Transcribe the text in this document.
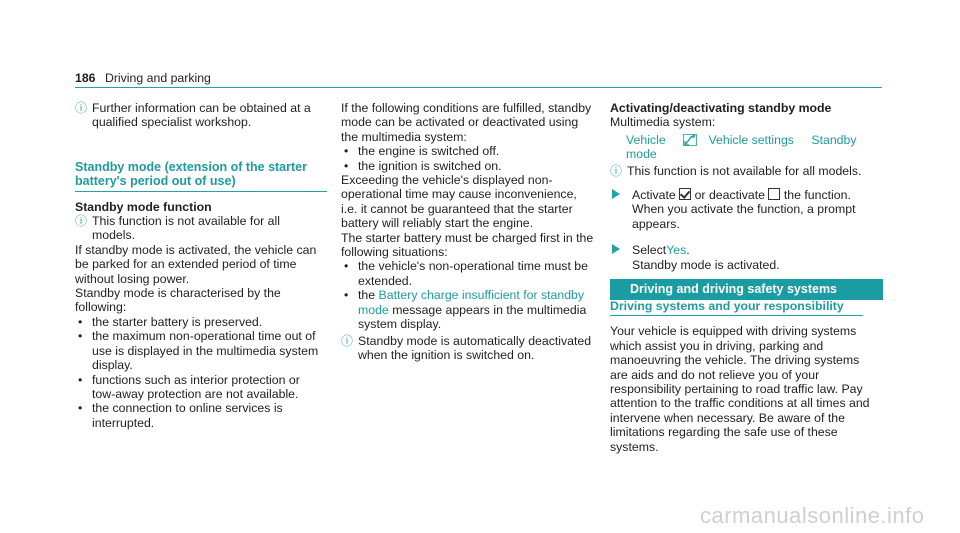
186 Driving and parking
ⓘ Further information can be obtained at a qualified specialist workshop.
Standby mode (extension of the starter battery's period out of use)
Standby mode function
ⓘ This function is not available for all models.
If standby mode is activated, the vehicle can be parked for an extended period of time without losing power.
Standby mode is characterised by the following:
• the starter battery is preserved.
• the maximum non-operational time out of use is displayed in the multimedia system display.
• functions such as interior protection or tow-away protection are not available.
• the connection to online services is interrupted.
If the following conditions are fulfilled, standby mode can be activated or deactivated using the multimedia system:
• the engine is switched off.
• the ignition is switched on.
Exceeding the vehicle's displayed non-operational time may cause inconvenience, i.e. it cannot be guaranteed that the starter battery will reliably start the engine.
The starter battery must be charged first in the following situations:
• the vehicle's non-operational time must be extended.
• the Battery charge insufficient for standby mode message appears in the multimedia system display.
ⓘ Standby mode is automatically deactivated when the ignition is switched on.
Activating/deactivating standby mode
Multimedia system:
Vehicle	Vehicle settings Standby mode
ⓘ This function is not available for all models.
Activate or deactivate the function.
When you activate the function, a prompt appears.
SelectYes.
Standby mode is activated.
Driving and driving safety systems
Driving systems and your responsibility
Your vehicle is equipped with driving systems which assist you in driving, parking and manoeuvring the vehicle. The driving systems are aids and do not relieve you of your responsibility pertaining to road traffic law. Pay attention to the traffic conditions at all times and intervene when necessary. Be aware of the limitations regarding the safe use of these systems.
carmanualsonline.info
